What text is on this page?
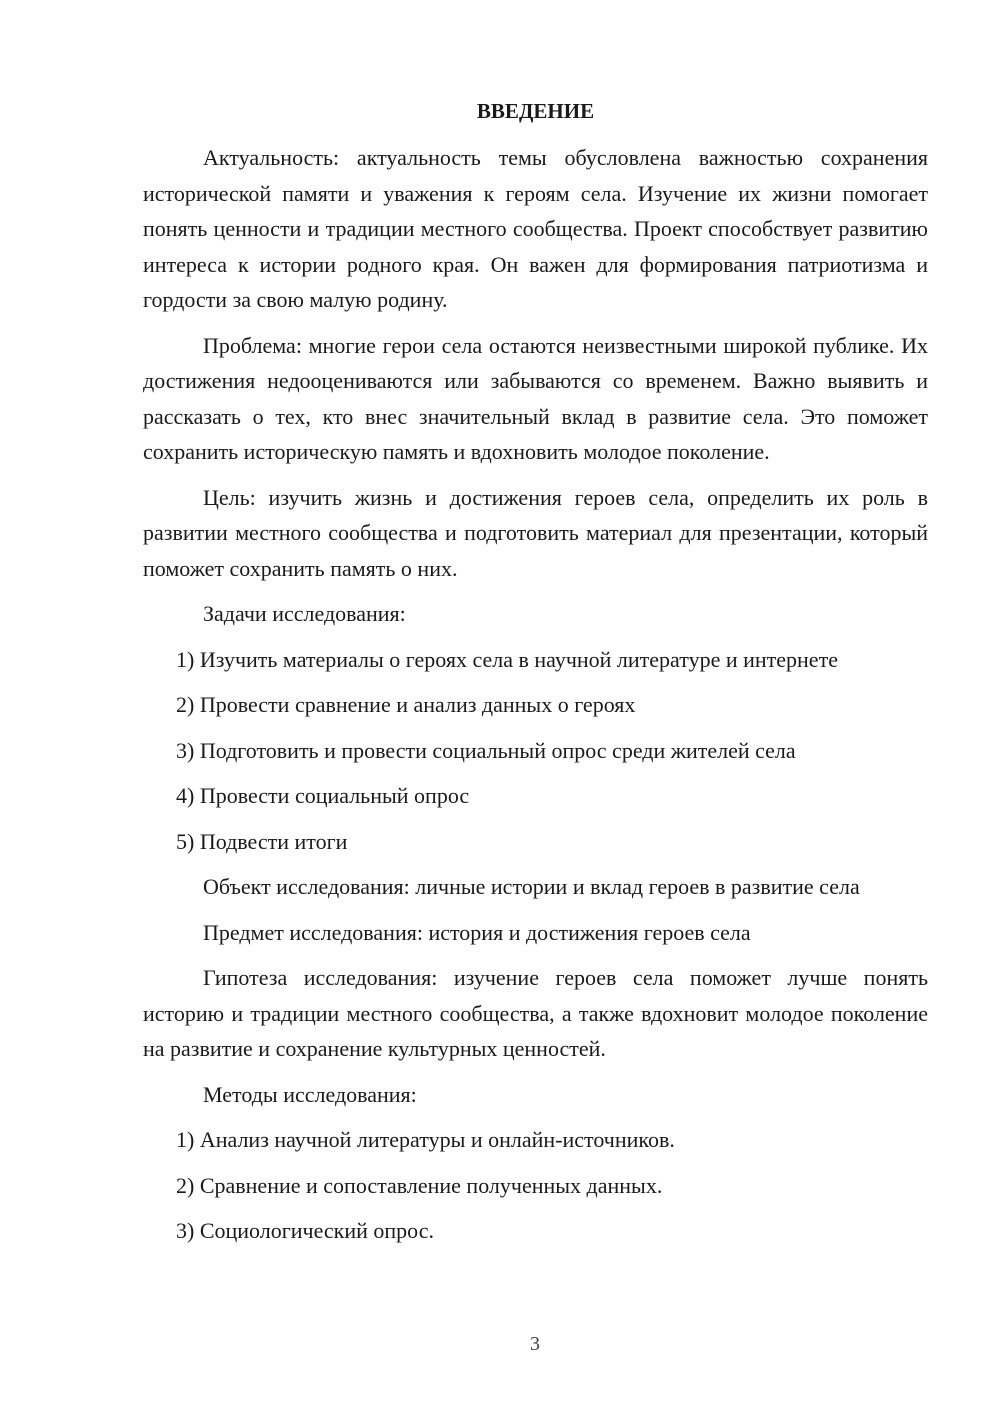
ВВЕДЕНИЕ

Актуальность: актуальность темы обусловлена важностью сохранения исторической памяти и уважения к героям села. Изучение их жизни помогает понять ценности и традиции местного сообщества. Проект способствует развитию интереса к истории родного края. Он важен для формирования патриотизма и гордости за свою малую родину.

Проблема: многие герои села остаются неизвестными широкой публике. Их достижения недооцениваются или забываются со временем. Важно выявить и рассказать о тех, кто внес значительный вклад в развитие села. Это поможет сохранить историческую память и вдохновить молодое поколение.

Цель: изучить жизнь и достижения героев села, определить их роль в развитии местного сообщества и подготовить материал для презентации, который поможет сохранить память о них.

Задачи исследования:

1) Изучить материалы о героях села в научной литературе и интернете
2) Провести сравнение и анализ данных о героях
3) Подготовить и провести социальный опрос среди жителей села
4) Провести социальный опрос
5) Подвести итоги

Объект исследования: личные истории и вклад героев в развитие села

Предмет исследования: история и достижения героев села

Гипотеза исследования: изучение героев села поможет лучше понять историю и традиции местного сообщества, а также вдохновит молодое поколение на развитие и сохранение культурных ценностей.

Методы исследования:

1) Анализ научной литературы и онлайн-источников.
2) Сравнение и сопоставление полученных данных.
3) Социологический опрос.
3
